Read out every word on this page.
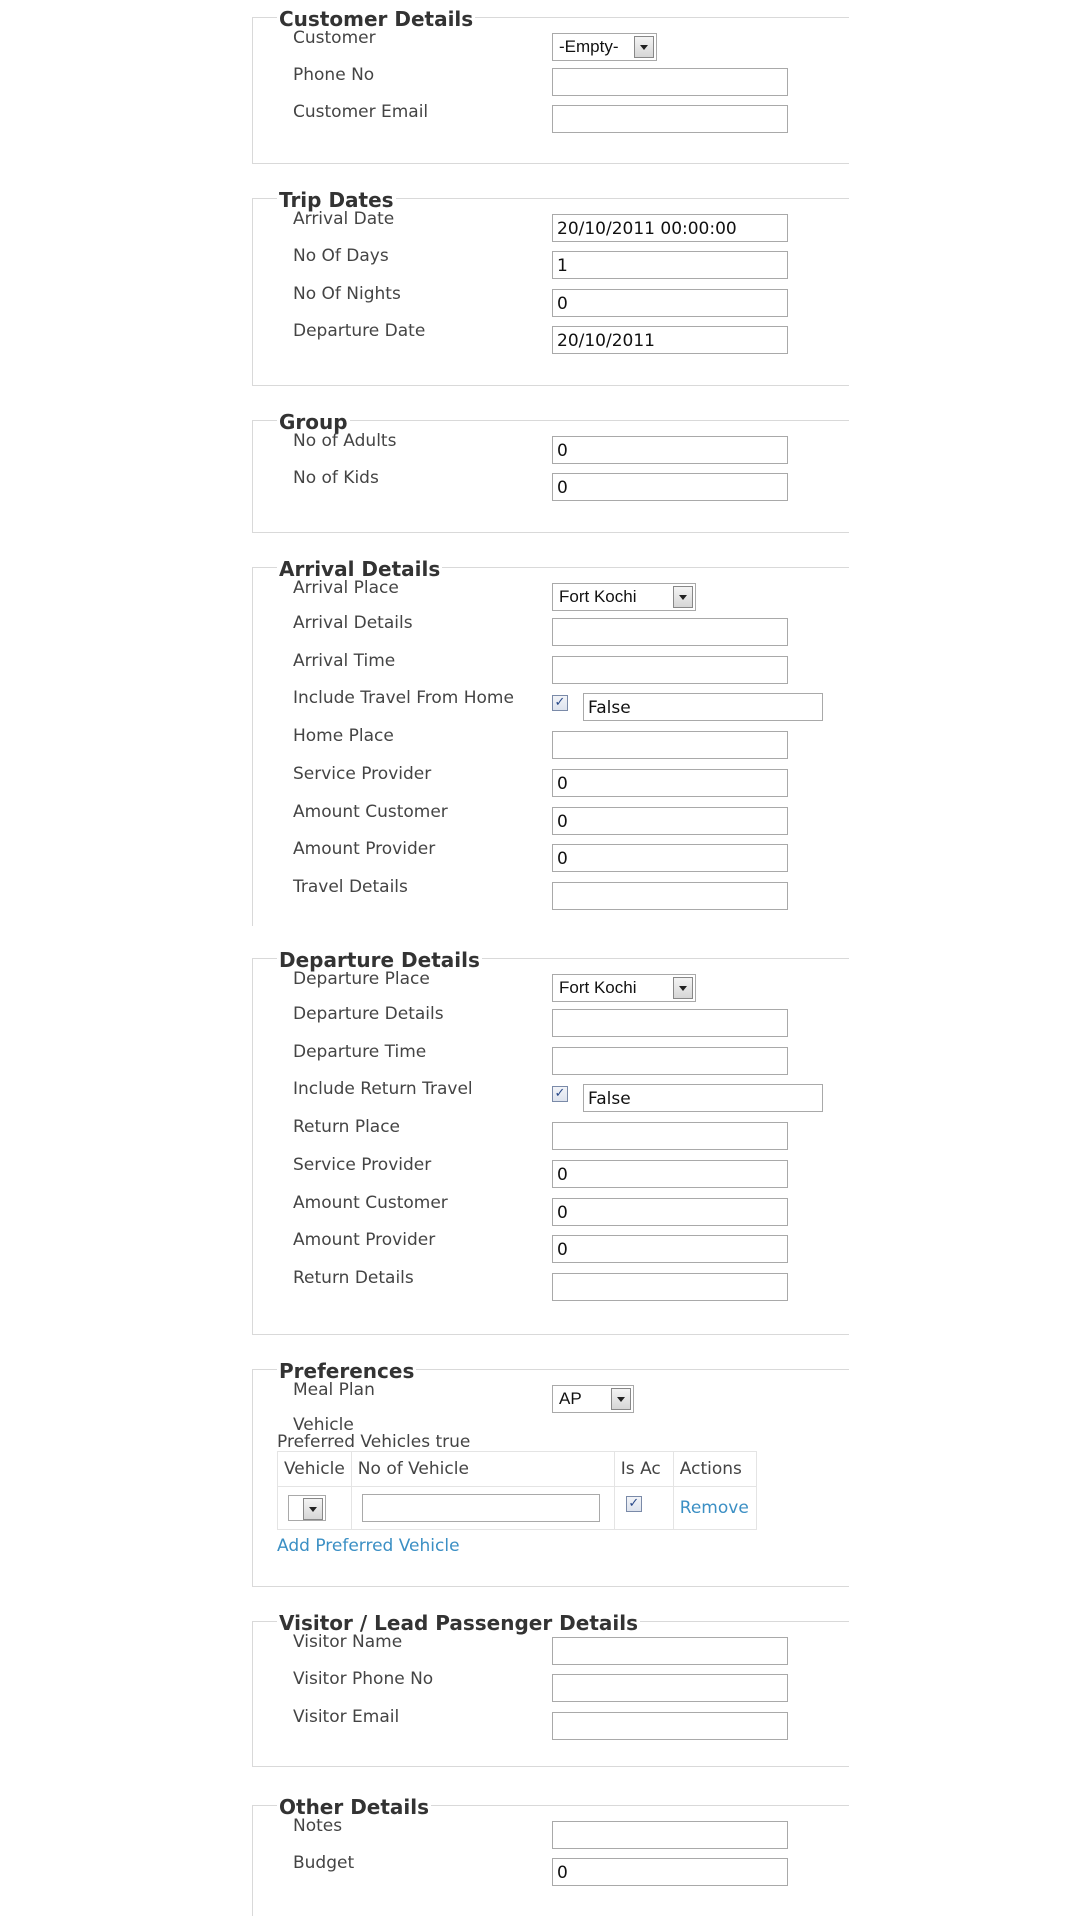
Customer Details
Customer	-Empty-
Phone No
Customer Email
Trip Dates
Arrival Date	20/10/2011 00:00:00
No Of Days	1
No Of Nights	0
Departure Date	20/10/2011
Group
No of Adults	0
No of Kids	0
Arrival Details
Arrival Place	Fort Kochi
Arrival Details
Arrival Time
Include Travel From Home	✓ False
Home Place
Service Provider	0
Amount Customer	0
Amount Provider	0
Travel Details
Departure Details
Departure Place	Fort Kochi
Departure Details
Departure Time
Include Return Travel	✓ False
Return Place
Service Provider	0
Amount Customer	0
Amount Provider	0
Return Details
Preferences
Meal Plan	AP
Vehicle
Preferred Vehicles true
Vehicle	No of Vehicle	Is Ac	Actions

		✓	Remove
Add Preferred Vehicle
Visitor / Lead Passenger Details
Visitor Name
Visitor Phone No
Visitor Email
Other Details
Notes
Budget	0
